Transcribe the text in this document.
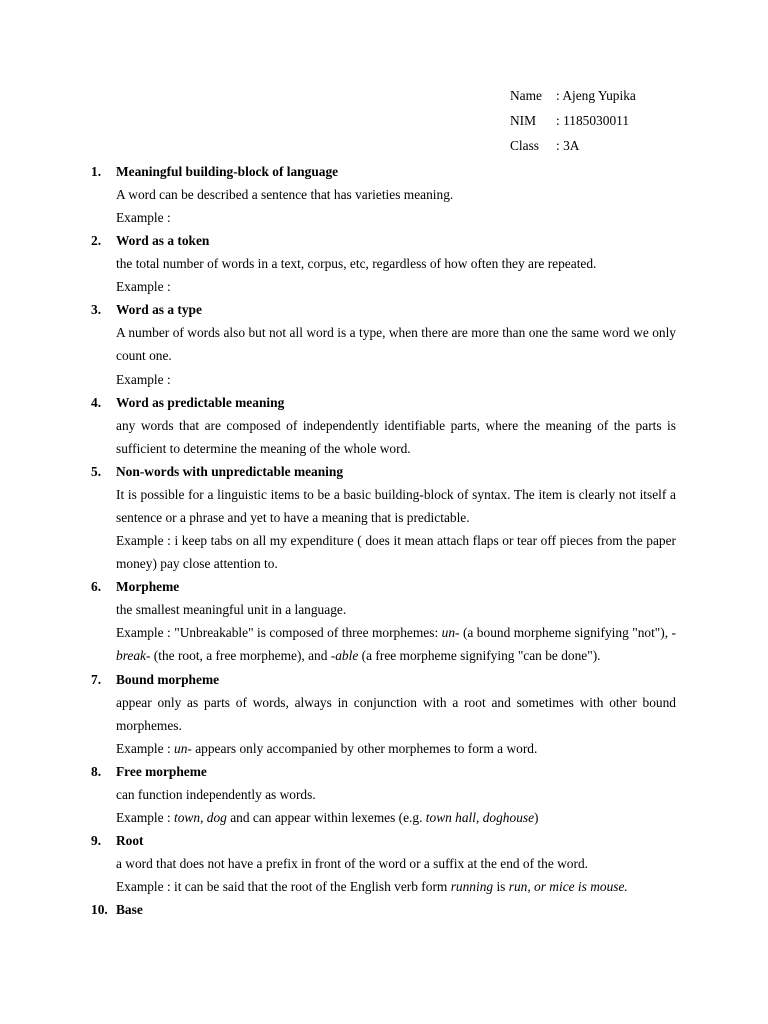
Name : Ajeng Yupika
NIM : 1185030011
Class : 3A
1. Meaningful building-block of language
A word can be described a sentence that has varieties meaning.
Example :
2. Word as a token
the total number of words in a text, corpus, etc, regardless of how often they are repeated.
Example :
3. Word as a type
A number of words also but not all word is a type, when there are more than one the same word we only count one.
Example :
4. Word as predictable meaning
any words that are composed of independently identifiable parts, where the meaning of the parts is sufficient to determine the meaning of the whole word.
5. Non-words with unpredictable meaning
It is possible for a linguistic items to be a basic building-block of syntax. The item is clearly not itself a sentence or a phrase and yet to have a meaning that is predictable.
Example : i keep tabs on all my expenditure ( does it mean attach flaps or tear off pieces from the paper money) pay close attention to.
6. Morpheme
the smallest meaningful unit in a language.
Example : "Unbreakable" is composed of three morphemes: un- (a bound morpheme signifying "not"), -break- (the root, a free morpheme), and -able (a free morpheme signifying "can be done").
7. Bound morpheme
appear only as parts of words, always in conjunction with a root and sometimes with other bound morphemes.
Example : un- appears only accompanied by other morphemes to form a word.
8. Free morpheme
can function independently as words.
Example : town, dog and can appear within lexemes (e.g. town hall, doghouse)
9. Root
a word that does not have a prefix in front of the word or a suffix at the end of the word.
Example : it can be said that the root of the English verb form running is run, or mice is mouse.
10. Base
